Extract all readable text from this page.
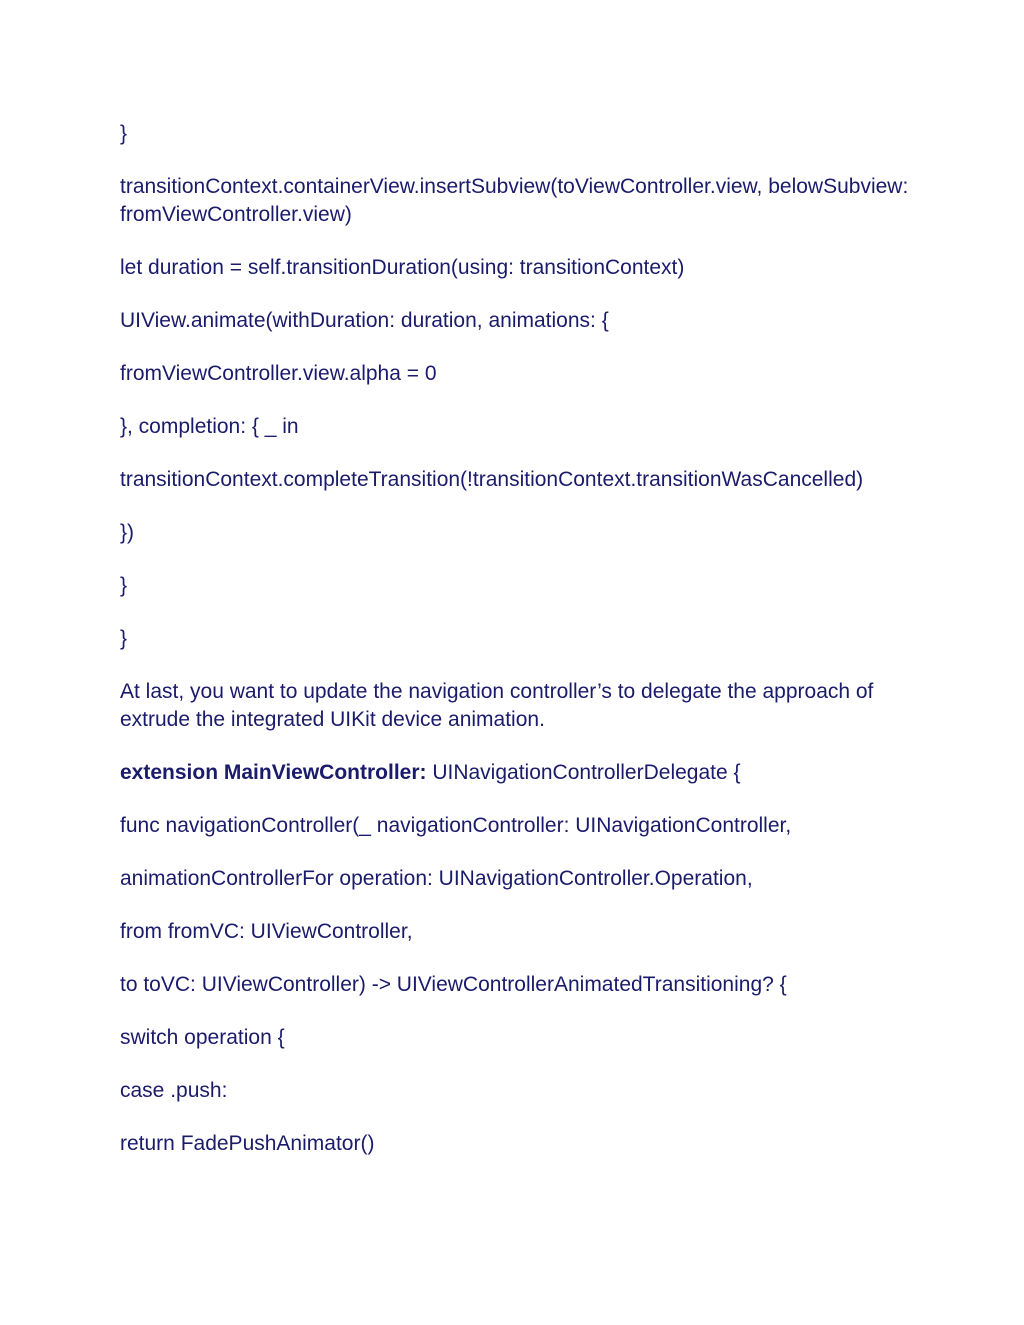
}

transitionContext.containerView.insertSubview(toViewController.view, belowSubview: fromViewController.view)

let duration = self.transitionDuration(using: transitionContext)

UIView.animate(withDuration: duration, animations: {

fromViewController.view.alpha = 0

}, completion: { _ in

transitionContext.completeTransition(!transitionContext.transitionWasCancelled)

})

}

}

At last, you want to update the navigation controller’s to delegate the approach of extrude the integrated UIKit device animation.

extension MainViewController: UINavigationControllerDelegate {

func navigationController(_ navigationController: UINavigationController,

animationControllerFor operation: UINavigationController.Operation,

from fromVC: UIViewController,

to toVC: UIViewController) -> UIViewControllerAnimatedTransitioning? {

switch operation {

case .push:

return FadePushAnimator()
